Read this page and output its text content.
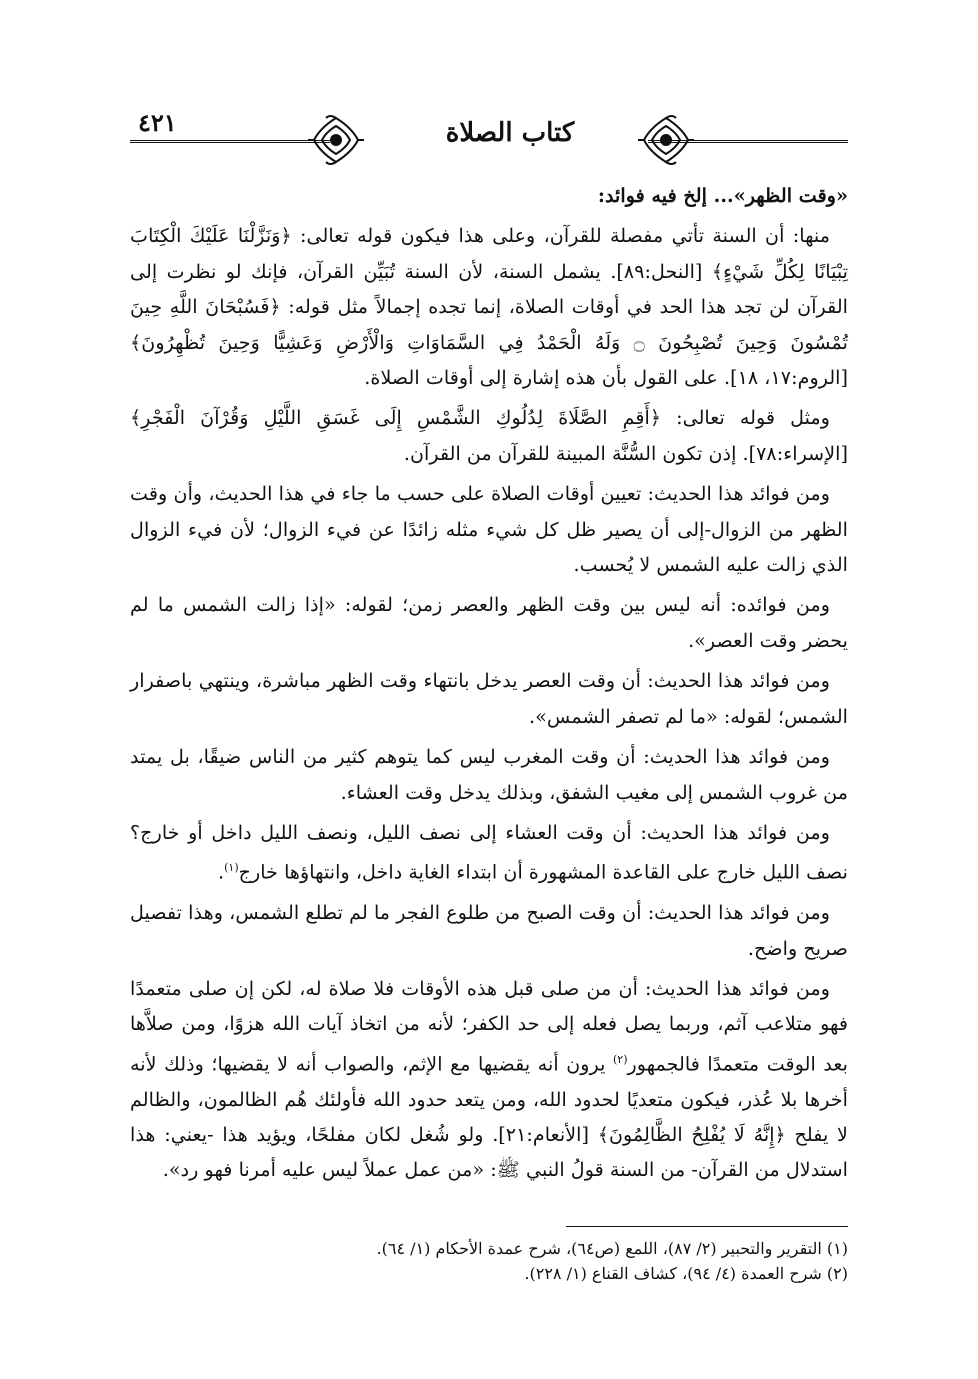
٤٢١	كتاب الصلاة

«وقت الظهر»... إلخ فيه فوائد:

منها: أن السنة تأتي مفصلة للقرآن، وعلى هذا فيكون قوله تعالى: ﴿وَنَزَّلْنَا عَلَيْكَ الْكِتَابَ تِبْيَانًا لِكُلِّ شَيْءٍ﴾ [النحل:٨٩]. يشمل السنة، لأن السنة تُبَيِّن القرآن، فإنك لو نظرت إلى القرآن لن تجد هذا الحد في أوقات الصلاة، إنما تجده إجمالاً مثل قوله: ﴿فَسُبْحَانَ اللَّهِ حِينَ تُمْسُونَ وَحِينَ تُصْبِحُونَ ۝ وَلَهُ الْحَمْدُ فِي السَّمَاوَاتِ وَالْأَرْضِ وَعَشِيًّا وَحِينَ تُظْهِرُونَ﴾ [الروم:١٧، ١٨]. على القول بأن هذه إشارة إلى أوقات الصلاة.

ومثل قوله تعالى: ﴿أَقِمِ الصَّلَاةَ لِدُلُوكِ الشَّمْسِ إِلَى غَسَقِ اللَّيْلِ وَقُرْآنَ الْفَجْرِ﴾ [الإسراء:٧٨]. إذن تكون السُّنَّة المبينة للقرآن من القرآن.

ومن فوائد هذا الحديث: تعيين أوقات الصلاة على حسب ما جاء في هذا الحديث، وأن وقت الظهر من الزوال-إلى أن يصير ظل كل شيء مثله زائدًا عن فيء الزوال؛ لأن فيء الزوال الذي زالت عليه الشمس لا يُحسب.

ومن فوائده: أنه ليس بين وقت الظهر والعصر زمن؛ لقوله: «إذا زالت الشمس ما لم يحضر وقت العصر».

ومن فوائد هذا الحديث: أن وقت العصر يدخل بانتهاء وقت الظهر مباشرة، وينتهي باصفرار الشمس؛ لقوله: «ما لم تصفر الشمس».

ومن فوائد هذا الحديث: أن وقت المغرب ليس كما يتوهم كثير من الناس ضيقًا، بل يمتد من غروب الشمس إلى مغيب الشفق، وبذلك يدخل وقت العشاء.

ومن فوائد هذا الحديث: أن وقت العشاء إلى نصف الليل، ونصف الليل داخل أو خارج؟ نصف الليل خارج على القاعدة المشهورة أن ابتداء الغاية داخل، وانتهاؤها خارج$^{(١)}$.

ومن فوائد هذا الحديث: أن وقت الصبح من طلوع الفجر ما لم تطلع الشمس، وهذا تفصيل صريح واضح.

ومن فوائد هذا الحديث: أن من صلى قبل هذه الأوقات فلا صلاة له، لكن إن صلى متعمدًا فهو متلاعب آثم، وربما يصل فعله إلى حد الكفر؛ لأنه من اتخاذ آيات الله هزوًا، ومن صلاَّها بعد الوقت متعمدًا فالجمهور$^{(٢)}$ يرون أنه يقضيها مع الإثم، والصواب أنه لا يقضيها؛ وذلك لأنه أخرها بلا عُذر، فيكون متعديًا لحدود الله، ومن يتعد حدود الله فأولئك هُم الظالمون، والظالم لا يفلح ﴿إِنَّهُ لَا يُفْلِحُ الظَّالِمُونَ﴾ [الأنعام:٢١]. ولو شُغل لكان مفلحًا، ويؤيد هذا -يعني: هذا استدلال من القرآن- من السنة قولُ النبي ﷺ: «من عمل عملاً ليس عليه أمرنا فهو رد».

(١) التقرير والتحبير (٢/ ٨٧)، اللمع (ص٦٤)، شرح عمدة الأحكام (١/ ٦٤).
(٢) شرح العمدة (٤/ ٩٤)، كشاف القناع (١/ ٢٢٨).
